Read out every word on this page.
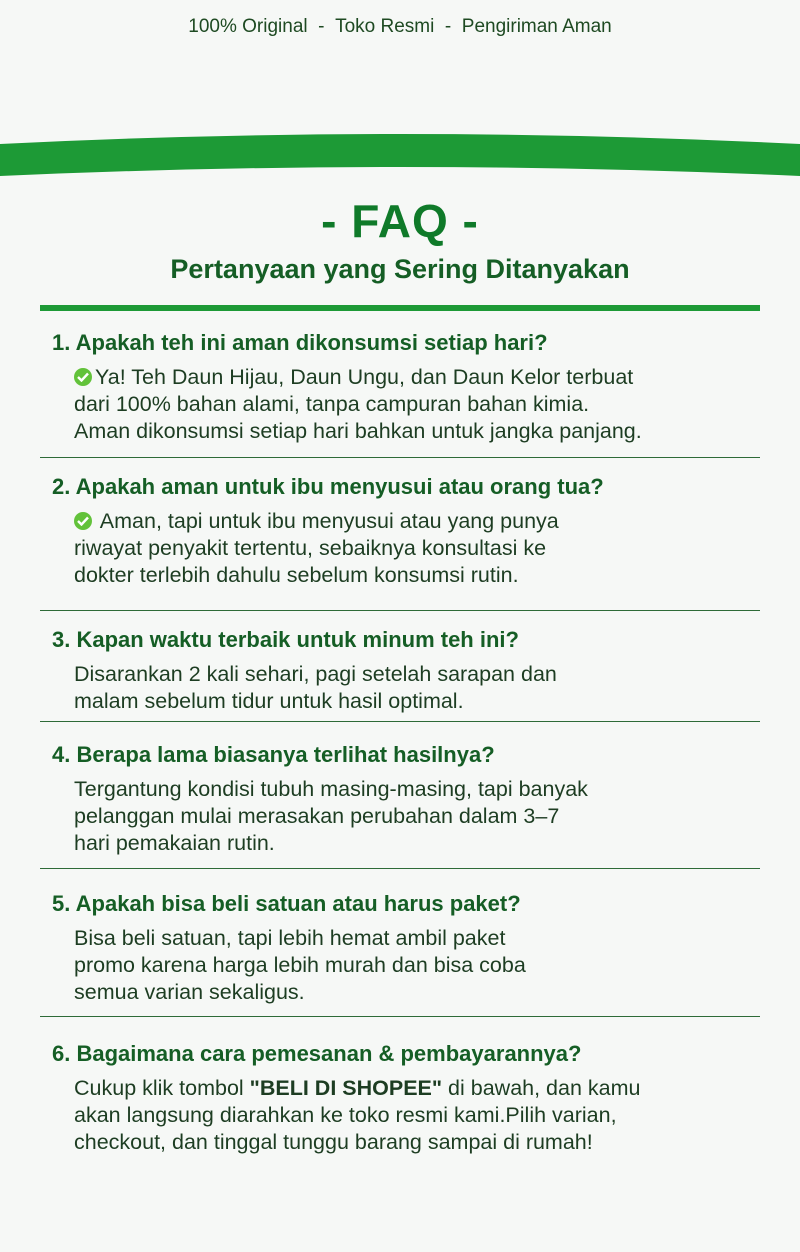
100% Original - Toko Resmi - Pengiriman Aman
- FAQ -
Pertanyaan yang Sering Ditanyakan
1. Apakah teh ini aman dikonsumsi setiap hari?
Ya! Teh Daun Hijau, Daun Ungu, dan Daun Kelor terbuat
dari 100% bahan alami, tanpa campuran bahan kimia.
Aman dikonsumsi setiap hari bahkan untuk jangka panjang.
2. Apakah aman untuk ibu menyusui atau orang tua?
Aman, tapi untuk ibu menyusui atau yang punya
riwayat penyakit tertentu, sebaiknya konsultasi ke
dokter terlebih dahulu sebelum konsumsi rutin.
3. Kapan waktu terbaik untuk minum teh ini?
Disarankan 2 kali sehari, pagi setelah sarapan dan
malam sebelum tidur untuk hasil optimal.
4. Berapa lama biasanya terlihat hasilnya?
Tergantung kondisi tubuh masing-masing, tapi banyak
pelanggan mulai merasakan perubahan dalam 3–7
hari pemakaian rutin.
5. Apakah bisa beli satuan atau harus paket?
Bisa beli satuan, tapi lebih hemat ambil paket
promo karena harga lebih murah dan bisa coba
semua varian sekaligus.
6. Bagaimana cara pemesanan & pembayarannya?
Cukup klik tombol "BELI DI SHOPEE" di bawah, dan kamu
akan langsung diarahkan ke toko resmi kami.Pilih varian,
checkout, dan tinggal tunggu barang sampai di rumah!
